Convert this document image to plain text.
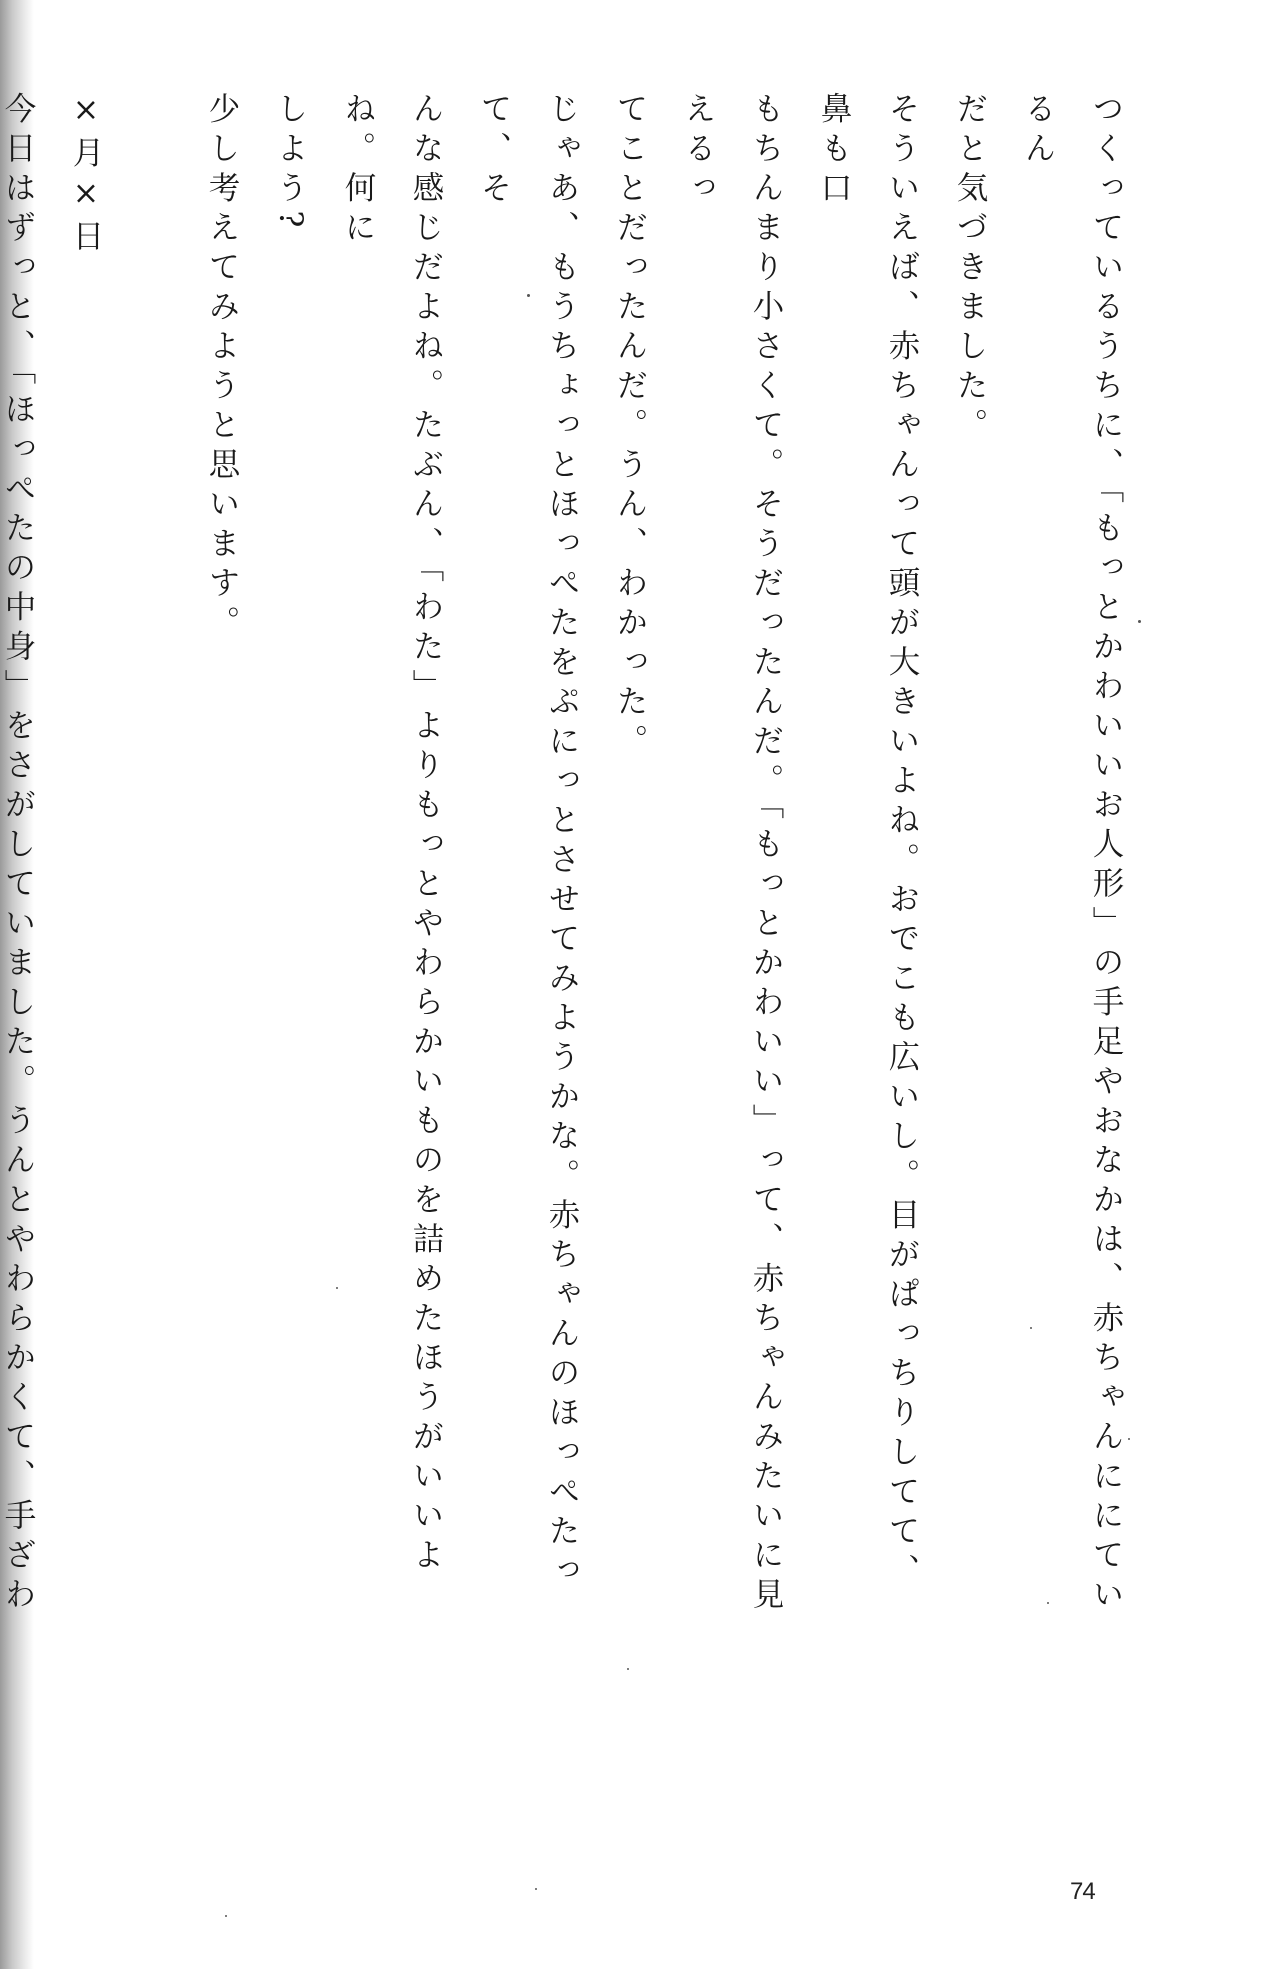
つくっているうちに、「もっとかわいいお人形」の手足やおなかは、赤ちゃんににているん

だと気づきました。

そういえば、赤ちゃんって頭が大きいよね。おでこも広いし。目がぱっちりしてて、鼻も口

もちんまり小さくて。そうだったんだ。「もっとかわいい」って、赤ちゃんみたいに見えるっ

てことだったんだ。うん、わかった。

じゃあ、もうちょっとほっぺたをぷにっとさせてみようかな。赤ちゃんのほっぺたって、そ

んな感じだよね。たぶん、「わた」よりもっとやわらかいものを詰めたほうがいいよね。何に

しよう?

少し考えてみようと思います。

×月×日

今日はずっと、「ほっぺたの中身」をさがしていました。うんとやわらかくて、手ざわ

74
